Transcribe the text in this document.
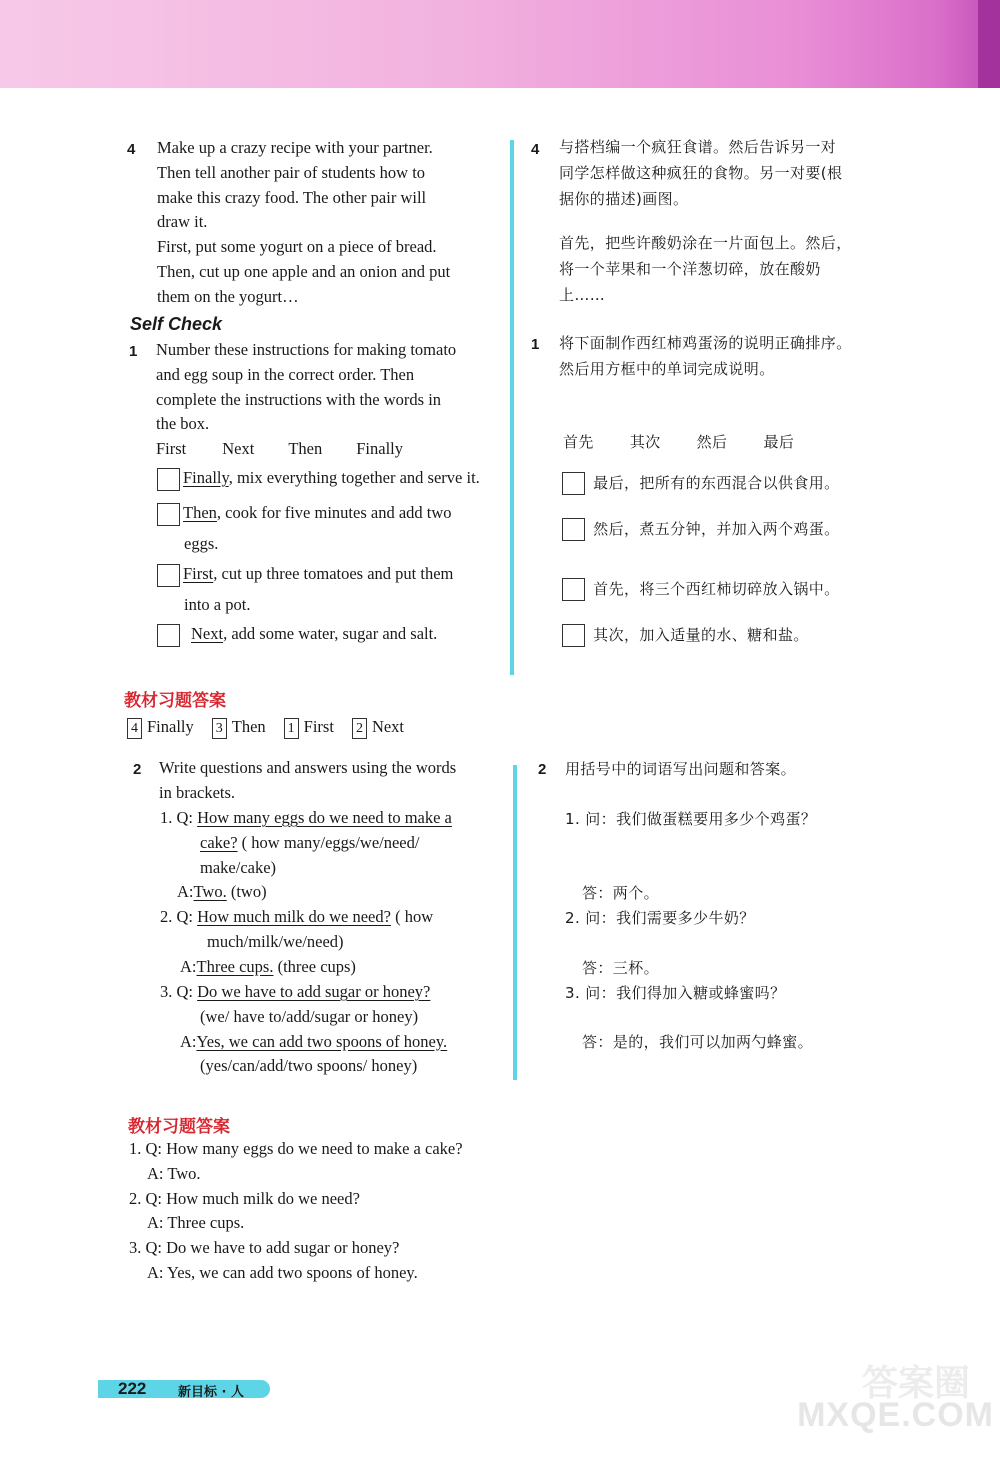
4 Make up a crazy recipe with your partner.
Then tell another pair of students how to
make this crazy food. The other pair will
draw it.
First, put some yogurt on a piece of bread.
Then, cut up one apple and an onion and put
them on the yogurt…
4 与搭档编一个疯狂食谱。然后告诉另一对
同学怎样做这种疯狂的食物。另一对要(根
据你的描述)画图。
首先，把些许酸奶涂在一片面包上。然后，
将一个苹果和一个洋葱切碎，放在酸奶
上……
Self Check
1 Number these instructions for making tomato
and egg soup in the correct order. Then
complete the instructions with the words in
the box.
First Next Then Finally
Finally, mix everything together and serve it.
Then, cook for five minutes and add two
eggs.
First, cut up three tomatoes and put them
into a pot.
Next, add some water, sugar and salt.
1 将下面制作西红柿鸡蛋汤的说明正确排序。
然后用方框中的单词完成说明。
首先 其次 然后 最后
最后，把所有的东西混合以供食用。
然后，煮五分钟，并加入两个鸡蛋。
首先，将三个西红柿切碎放入锅中。
其次，加入适量的水、糖和盐。
教材习题答案
4 Finally 3 Then 1 First 2 Next
2 Write questions and answers using the words
in brackets.
1. Q: How many eggs do we need to make a
cake? ( how many/eggs/we/need/
make/cake)
A:Two. (two)
2. Q: How much milk do we need? ( how
much/milk/we/need)
A:Three cups. (three cups)
3. Q: Do we have to add sugar or honey?
(we/ have to/add/sugar or honey)
A:Yes, we can add two spoons of honey.
(yes/can/add/two spoons/ honey)
2 用括号中的词语写出问题和答案。
1. 问：我们做蛋糕要用多少个鸡蛋？
答：两个。
2. 问：我们需要多少牛奶？
答：三杯。
3. 问：我们得加入糖或蜂蜜吗？
答：是的，我们可以加两勺蜂蜜。
教材习题答案
1. Q: How many eggs do we need to make a cake?
A: Two.
2. Q: How much milk do we need?
A: Three cups.
3. Q: Do we have to add sugar or honey?
A: Yes, we can add two spoons of honey.
222 新目标 · 人	答案圈
MXQE.COM
